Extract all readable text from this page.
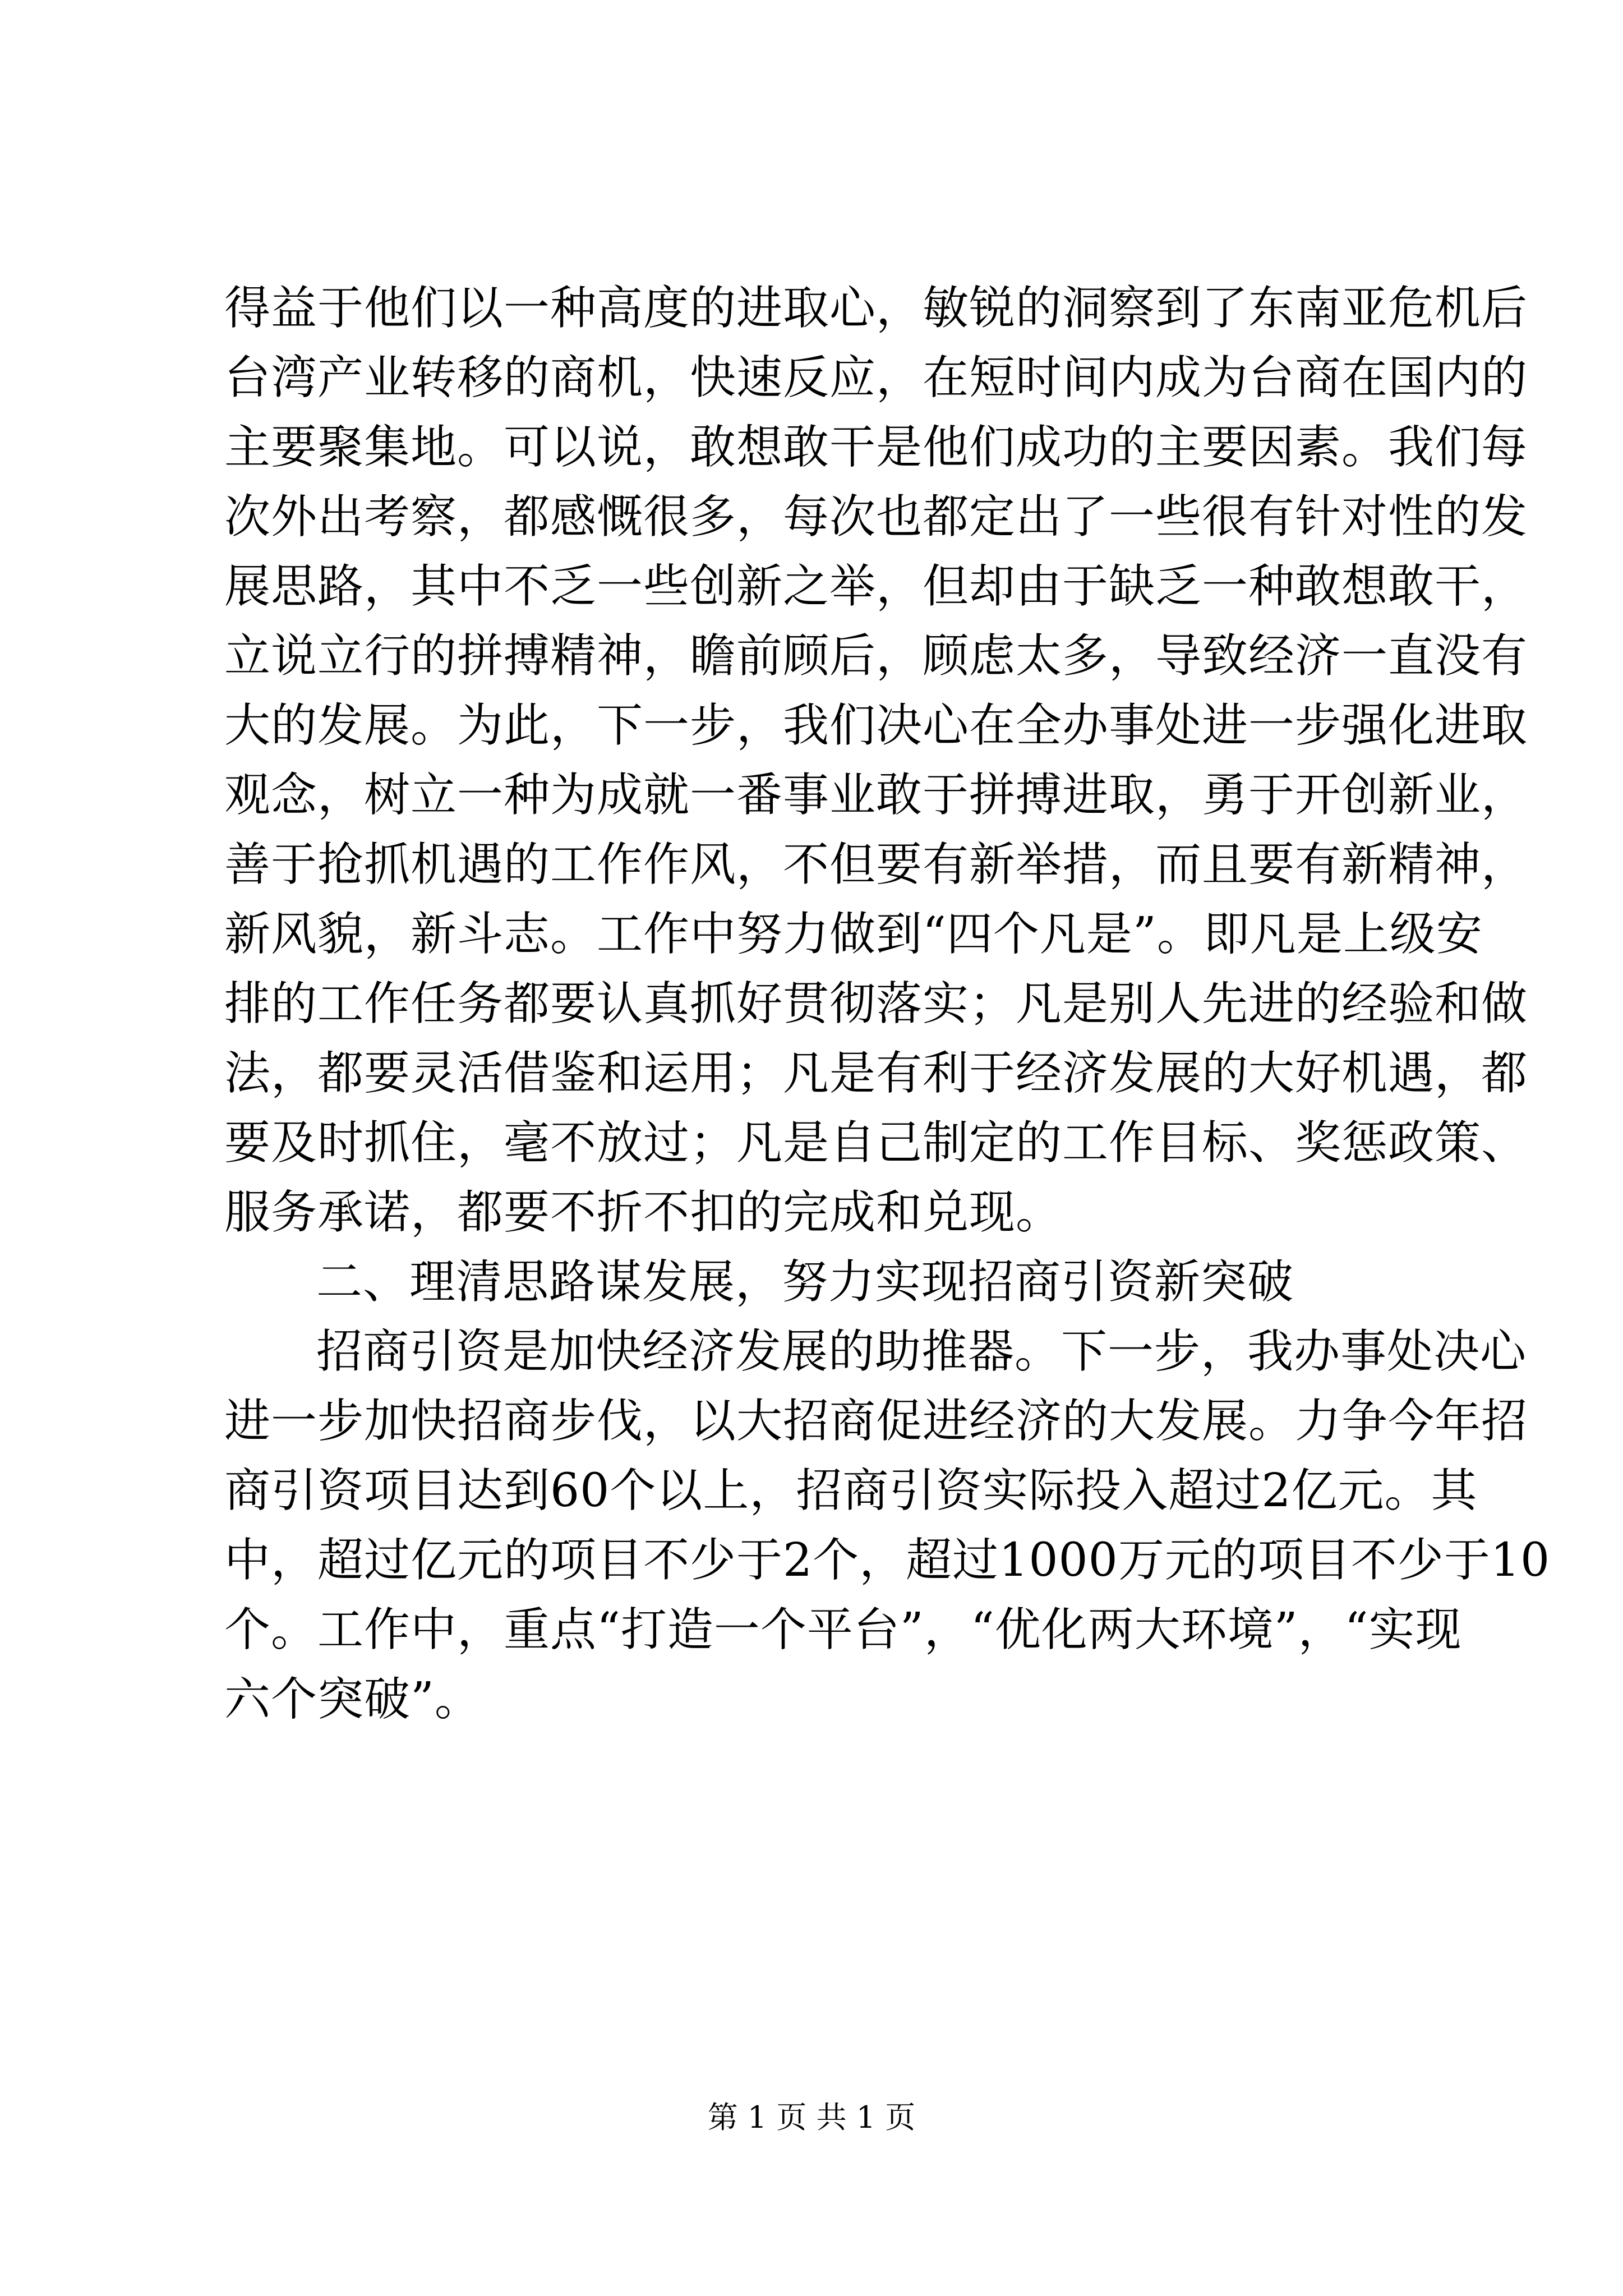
得益于他们以一种高度的进取心，敏锐的洞察到了东南亚危机后
台湾产业转移的商机，快速反应，在短时间内成为台商在国内的
主要聚集地。可以说，敢想敢干是他们成功的主要因素。我们每
次外出考察，都感慨很多，每次也都定出了一些很有针对性的发
展思路，其中不乏一些创新之举，但却由于缺乏一种敢想敢干，
立说立行的拼搏精神，瞻前顾后，顾虑太多，导致经济一直没有
大的发展。为此，下一步，我们决心在全办事处进一步强化进取
观念，树立一种为成就一番事业敢于拼搏进取，勇于开创新业，
善于抢抓机遇的工作作风，不但要有新举措，而且要有新精神，
新风貌，新斗志。工作中努力做到“四个凡是”。即凡是上级安
排的工作任务都要认真抓好贯彻落实；凡是别人先进的经验和做
法，都要灵活借鉴和运用；凡是有利于经济发展的大好机遇，都
要及时抓住，毫不放过；凡是自己制定的工作目标、奖惩政策、
服务承诺，都要不折不扣的完成和兑现。
二、理清思路谋发展，努力实现招商引资新突破
招商引资是加快经济发展的助推器。下一步，我办事处决心
进一步加快招商步伐，以大招商促进经济的大发展。力争今年招
商引资项目达到60个以上，招商引资实际投入超过2亿元。其
中，超过亿元的项目不少于2个，超过1000万元的项目不少于10
个。工作中，重点“打造一个平台”，“优化两大环境”，“实现
六个突破”。
第 1 页 共 1 页
